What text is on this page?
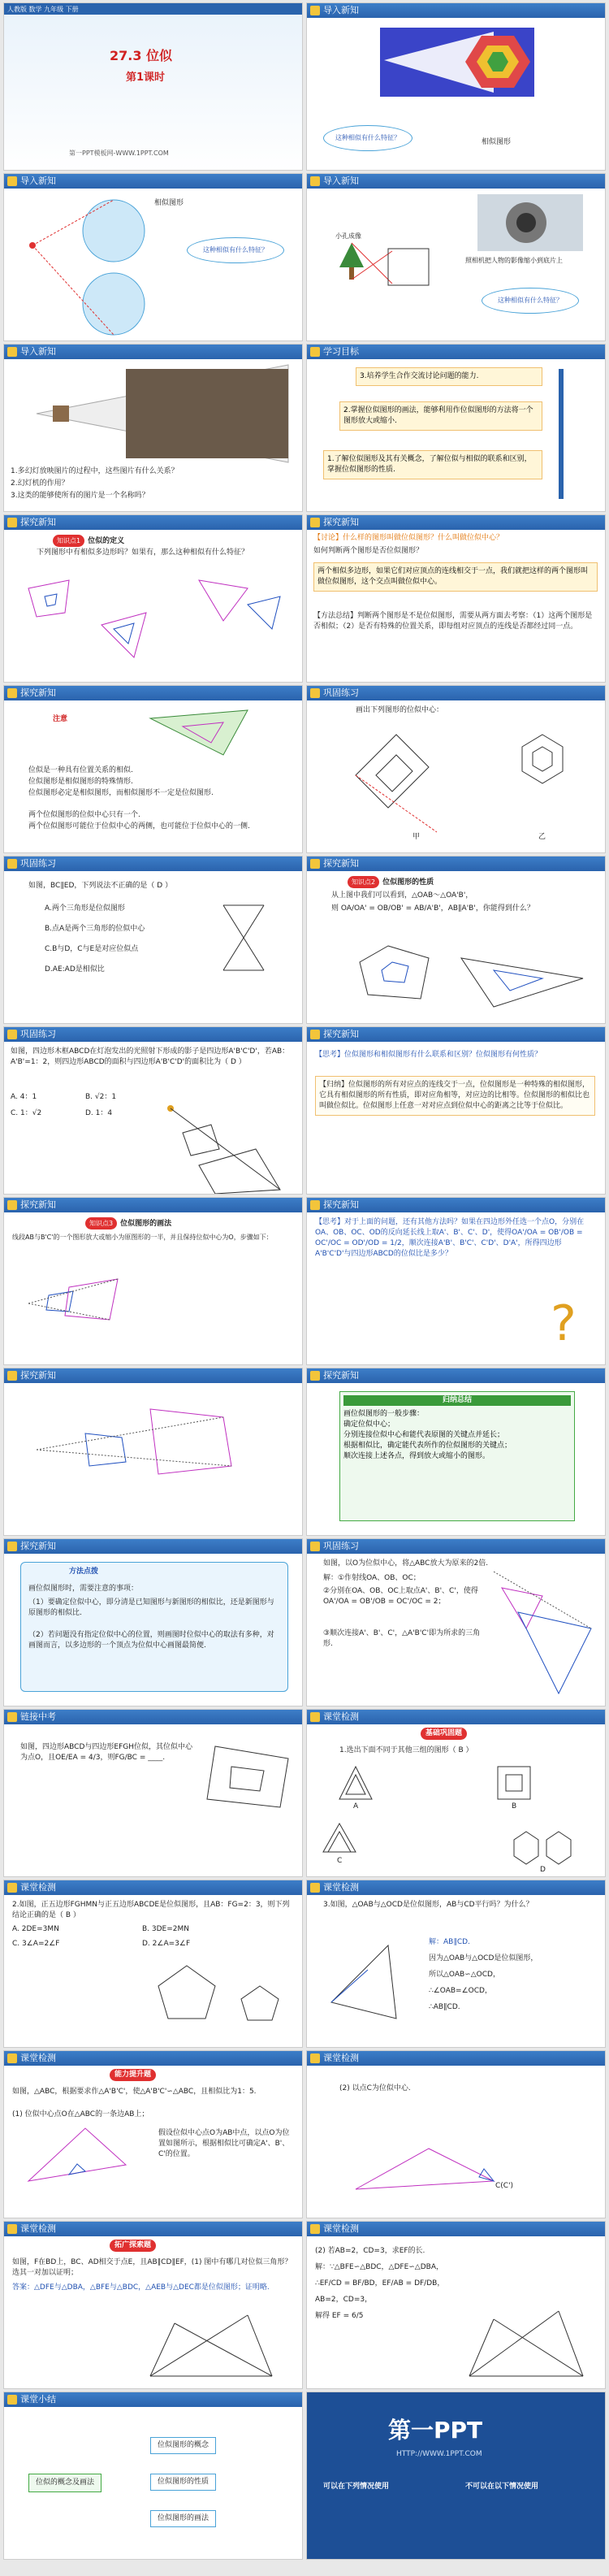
人教版 数学 九年级 下册
27.3 位似
第1课时
第一PPT模板网-WWW.1PPT.COM
导入新知
这种相似有什么特征？
相似图形
导入新知
相似图形
这种相似有什么特征？
导入新知
小孔成像
照相机把人物的影像缩小到底片上
这种相似有什么特征？
导入新知
1.多幻灯放映图片的过程中，这些图片有什么关系？
2.幻灯机的作用？
3.这类的能够使所有的图片是一个名称吗？
学习目标
3.培养学生合作交流讨论问题的能力.
2.掌握位似图形的画法，能够利用作位似图形的方法将一个图形放大或缩小.
1.了解位似图形及其有关概念，了解位似与相似的联系和区别，掌握位似图形的性质.
探究新知
知识点1 位似的定义
下列图形中有相似多边形吗？如果有，那么这种相似有什么特征？
探究新知
【讨论】什么样的图形叫做位似图形？什么叫做位似中心？
如何判断两个图形是否位似图形？
两个相似多边形，如果它们对应顶点的连线相交于一点，我们就把这样的两个图形叫做位似图形，这个交点叫做位似中心。
【方法总结】判断两个图形是不是位似图形，需要从两方面去考察：（1）这两个图形是否相似；（2）是否有特殊的位置关系，即每组对应顶点的连线是否都经过同一点。
探究新知
注意
位似是一种具有位置关系的相似.
位似图形是相似图形的特殊情形.
位似图形必定是相似图形，而相似图形不一定是位似图形.
两个位似图形的位似中心只有一个.
两个位似图形可能位于位似中心的两侧，也可能位于位似中心的一侧.
巩固练习
画出下列图形的位似中心：
甲	乙
巩固练习
如图，BC∥ED，下列说法不正确的是（ D ）
A.两个三角形是位似图形
B.点A是两个三角形的位似中心
C.B与D，C与E是对应位似点
D.AE:AD是相似比
探究新知
知识点2 位似图形的性质
从上图中我们可以看到，△OAB～△OA'B'，
则 OA/OA' = OB/OB' = AB/A'B'，AB∥A'B'，你能得到什么？
巩固练习
如图，四边形木框ABCD在灯泡发出的光照射下形成的影子是四边形A'B'C'D'，若AB：A'B'=1：2，则四边形ABCD的面积与四边形A'B'C'D'的面积比为（ D ）
A. 4：1	B. √2：1
C. 1：√2	D. 1：4
探究新知
【思考】位似图形和相似图形有什么联系和区别？位似图形有何性质？
【归纳】位似图形的所有对应点的连线交于一点，位似图形是一种特殊的相似图形，它具有相似图形的所有性质，即对应角相等，对应边的比相等。位似图形的相似比也叫做位似比。位似图形上任意一对对应点到位似中心的距离之比等于位似比。
探究新知
知识点3 位似图形的画法
线段AB与B'C'的一个图形放大或缩小为原图形的一半，并且保持位似中心为O，步骤如下：
探究新知
【思考】对于上面的问题，还有其他方法吗？如果在四边形外任选一个点O，分别在OA、OB、OC、OD的反向延长线上取A'、B'、C'、D'，使得OA'/OA = OB'/OB = OC'/OC = OD'/OD = 1/2，顺次连接A'B'、B'C'、C'D'、D'A'，所得四边形A'B'C'D'与四边形ABCD的位似比是多少？
?
探究新知	探究新知
归纳总结
画位似图形的一般步骤：
确定位似中心；
分别连接位似中心和能代表原图的关键点并延长；
根据相似比，确定能代表所作的位似图形的关键点；
顺次连接上述各点，得到放大或缩小的图形。
探究新知
方法点拨
画位似图形时，需要注意的事项：
（1）要确定位似中心，即分清是已知图形与新图形的相似比，还是新图形与原图形的相似比.
（2）若问题没有指定位似中心的位置，则画图时位似中心的取法有多种，对画图而言，以多边形的一个顶点为位似中心画图最简便.
巩固练习
如图，以O为位似中心，将△ABC放大为原来的2倍.
解：①作射线OA、OB、OC；
②分别在OA、OB、OC上取点A'、B'、C'，使得OA'/OA = OB'/OB = OC'/OC = 2；
③顺次连接A'、B'、C'，△A'B'C'即为所求的三角形.
链接中考
如图，四边形ABCD与四边形EFGH位似，其位似中心为点O，且OE/EA = 4/3，则FG/BC = ____.
课堂检测
基础巩固题
1.选出下面不同于其他三组的图形（ B ）
A	B
C
D
课堂检测
2.如图，正五边形FGHMN与正五边形ABCDE是位似图形，且AB：FG=2：3，则下列结论正确的是（ B ）
A. 2DE=3MN	B. 3DE=2MN
C. 3∠A=2∠F	D. 2∠A=3∠F
课堂检测
3.如图，△OAB与△OCD是位似图形，AB与CD平行吗？为什么？
解：AB∥CD.
因为△OAB与△OCD是位似图形，
所以△OAB∽△OCD，
∴∠OAB=∠OCD，
∴AB∥CD.
课堂检测
能力提升题
如图，△ABC，根据要求作△A'B'C'，使△A'B'C'∽△ABC，且相似比为1：5.
(1) 位似中心点O在△ABC的一条边AB上；
假设位似中心点O为AB中点，以点O为位置如图所示，根据相似比可确定A'、B'、C'的位置。
课堂检测
(2) 以点C为位似中心.
C(C')
课堂检测
拓广探索题
如图，F在BD上，BC、AD相交于点E，且AB∥CD∥EF，(1) 图中有哪几对位似三角形？选其一对加以证明；
答案：△DFE与△DBA，△BFE与△BDC，△AEB与△DEC都是位似图形；证明略.
课堂检测
(2) 若AB=2，CD=3，求EF的长.
解：∵△BFE∽△BDC，△DFE∽△DBA，
∴EF/CD = BF/BD，EF/AB = DF/DB，
AB=2，CD=3，
解得 EF = 6/5
课堂小结
位似的概念及画法
位似图形的概念
位似图形的性质
位似图形的画法
第一PPT
HTTP://WWW.1PPT.COM
可以在下列情况使用	不可以在以下情况使用
